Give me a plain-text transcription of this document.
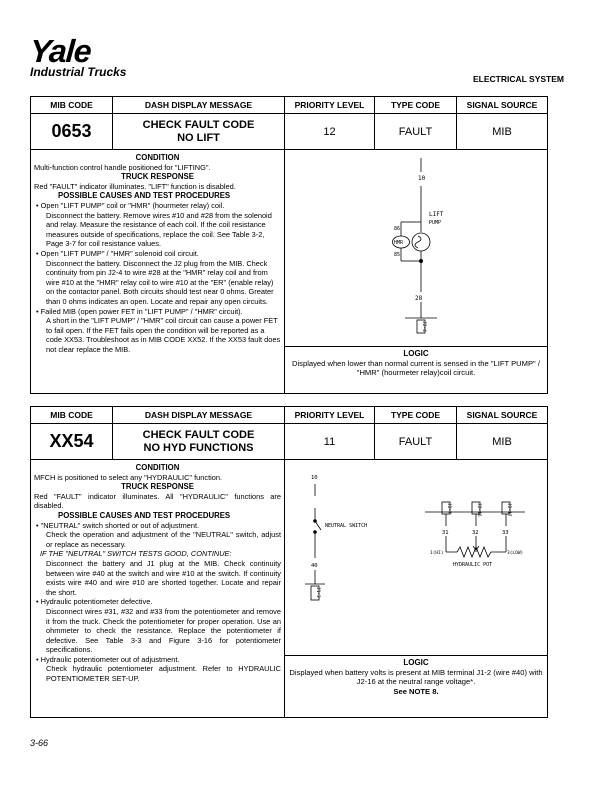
Yale
Industrial Trucks	ELECTRICAL SYSTEM
MIB CODE	DASH DISPLAY MESSAGE	PRIORITY LEVEL	TYPE CODE	SIGNAL SOURCE
0653	CHECK FAULT CODE
NO LIFT	12	FAULT	MIB
CONDITION
Multi-function control handle positioned for "LIFTING".
TRUCK RESPONSE
Red "FAULT" indicator illuminates. "LIFT" function is disabled.
POSSIBLE CAUSES AND TEST PROCEDURES
• Open "LIFT PUMP" coil or "HMR" (hourmeter relay) coil.
Disconnect the battery. Remove wires #10 and #28 from the solenoid and relay. Measure the resistance of each coil. If the coil resistance measures outside of specifications, replace the coil. See Table 3-2, Page 3-7 for coil resistance values.
• Open "LIFT PUMP" / "HMR" solenoid coil circuit.
Disconnect the battery. Disconnect the J2 plug from the MIB. Check continuity from pin J2-4 to wire #28 at the "HMR" relay coil and from wire #10 at the "HMR" relay coil to wire #10 at the "ER" (enable relay) on the contactor panel. Both circuits should test near 0 ohms. Greater than 0 ohms indicates an open. Locate and repair any open circuits.
• Failed MIB (open power FET in "LIFT PUMP" / "HMR" circuit).
A short in the "LIFT PUMP" / "HMR" coil circuit can cause a power FET to fail open. If the FET fails open the condition will be reported as a code XX53. Troubleshoot as in MIB CODE XX52. If the XX53 fault does not clear replace the MIB.
10
LIFT
PUMP
86
HMR
85
28
J2-4
LOGIC
Displayed when lower than normal current is sensed in the "LIFT PUMP" / "HMR" (hourmeter relay)coil circuit.
MIB CODE	DASH DISPLAY MESSAGE	PRIORITY LEVEL	TYPE CODE	SIGNAL SOURCE
XX54	CHECK FAULT CODE
NO HYD FUNCTIONS	11	FAULT	MIB
CONDITION
MFCH is positioned to select any "HYDRAULIC" function.
TRUCK RESPONSE
Red "FAULT" indicator illuminates. All "HYDRAULIC" functions are disabled.
POSSIBLE CAUSES AND TEST PROCEDURES
• "NEUTRAL" switch shorted or out of adjustment.
Check the operation and adjustment of the "NEUTRAL" switch, adjust or replace as necessary.
IF THE "NEUTRAL" SWITCH TESTS GOOD, CONTINUE:
Disconnect the battery and J1 plug at the MIB. Check continuity between wire #40 at the switch and wire #10 at the switch. If continuity exists wire #40 and wire #10 are shorted together. Locate and repair the short.
• Hydraulic potentiometer defective.
Disconnect wires #31, #32 and #33 from the potentiometer and remove it from the truck. Check the potentiometer for proper operation. Use an ohmmeter to check the resistance. Replace the potentiometer if defective. See Table 3-3 and Figure 3-16 for potentiometer specifications.
• Hydraulic potentiometer out of adjustment.
Check hydraulic potentiometer adjustment. Refer to HYDRAULIC POTENTIOMETER SET-UP.
10
NEUTRAL SWITCH
40
J1-2
J2-7	J2-16	J2-17
31	32	33
1(HI)	3(LOW)
HYDRAULIC POT
LOGIC
Displayed when battery volts is present at MIB terminal J1-2 (wire #40) with J2-16 at the neutral range voltage*.
See NOTE 8.
3-66
